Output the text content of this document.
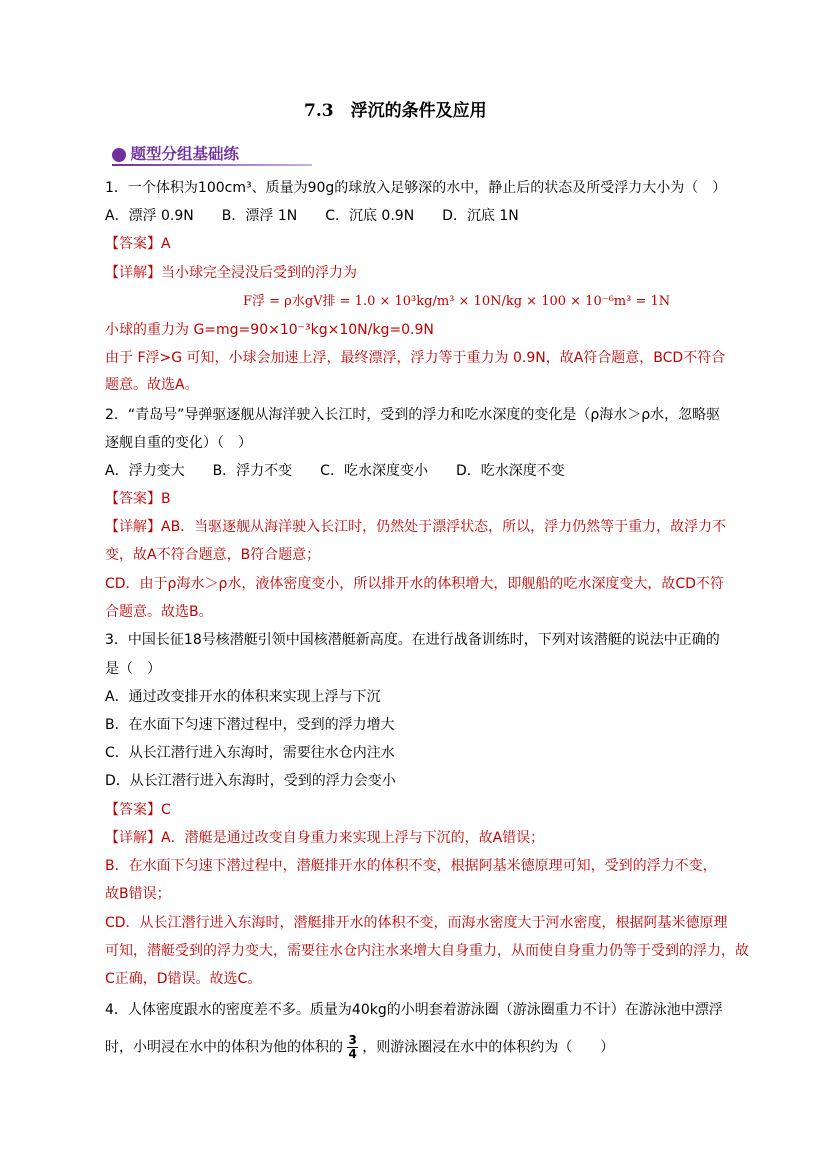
7.3　浮沉的条件及应用
题型分组基础练
1．一个体积为100cm³、质量为90g的球放入足够深的水中，静止后的状态及所受浮力大小为（　）
A．漂浮 0.9N　　B．漂浮 1N　　C．沉底 0.9N　　D．沉底 1N
【答案】A
【详解】当小球完全浸没后受到的浮力为
F浮 = ρ水gV排 = 1.0 × 10³kg/m³ × 10N/kg × 100 × 10⁻⁶m³ = 1N
小球的重力为 G=mg=90×10⁻³kg×10N/kg=0.9N
由于 F浮>G 可知，小球会加速上浮，最终漂浮，浮力等于重力为 0.9N，故A符合题意，BCD不符合
题意。故选A。
2．“青岛号”导弹驱逐舰从海洋驶入长江时，受到的浮力和吃水深度的变化是（ρ海水＞ρ水，忽略驱
逐舰自重的变化）（　）
A．浮力变大　　B．浮力不变　　C．吃水深度变小　　D．吃水深度不变
【答案】B
【详解】AB．当驱逐舰从海洋驶入长江时，仍然处于漂浮状态，所以，浮力仍然等于重力，故浮力不
变，故A不符合题意，B符合题意；
CD．由于ρ海水＞ρ水，液体密度变小，所以排开水的体积增大，即舰船的吃水深度变大，故CD不符
合题意。故选B。
3．中国长征18号核潜艇引领中国核潜艇新高度。在进行战备训练时，下列对该潜艇的说法中正确的
是（　）
A．通过改变排开水的体积来实现上浮与下沉
B．在水面下匀速下潜过程中，受到的浮力增大
C．从长江潜行进入东海时，需要往水仓内注水
D．从长江潜行进入东海时，受到的浮力会变小
【答案】C
【详解】A．潜艇是通过改变自身重力来实现上浮与下沉的，故A错误；
B．在水面下匀速下潜过程中，潜艇排开水的体积不变，根据阿基米德原理可知，受到的浮力不变，
故B错误；
CD．从长江潜行进入东海时，潜艇排开水的体积不变，而海水密度大于河水密度，根据阿基米德原理
可知，潜艇受到的浮力变大，需要往水仓内注水来增大自身重力，从而使自身重力仍等于受到的浮力，故
C正确，D错误。故选C。
4．人体密度跟水的密度差不多。质量为40kg的小明套着游泳圈（游泳圈重力不计）在游泳池中漂浮
时，小明浸在水中的体积为他的体积的 $\frac{3}{4}$ ，则游泳圈浸在水中的体积约为（　　）
